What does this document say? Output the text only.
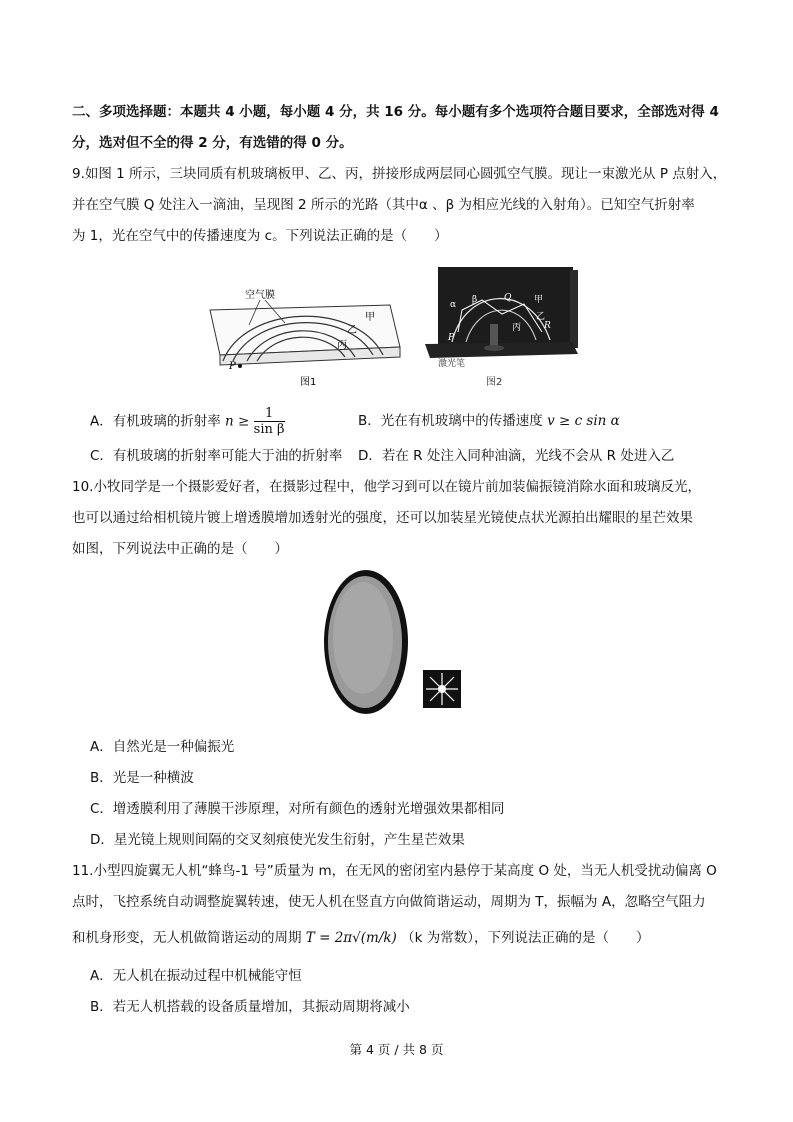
二、多项选择题：本题共 4 小题，每小题 4 分，共 16 分。每小题有多个选项符合题目要求，全部选对得 4
分，选对但不全的得 2 分，有选错的得 0 分。
9.如图 1 所示，三块同质有机玻璃板甲、乙、丙，拼接形成两层同心圆弧空气膜。现让一束激光从 P 点射入，
并在空气膜 Q 处注入一滴油，呈现图 2 所示的光路（其中α 、β 为相应光线的入射角）。已知空气折射率
为 1，光在空气中的传播速度为 c。下列说法正确的是（　　）
空气膜
甲
乙
丙
P
图1
α β	Q	甲
乙
丙	R
P
激光笔
图2
A．有机玻璃的折射率 $n \ge \frac{1}{\text{sin β}}$	B．光在有机玻璃中的传播速度 v ≥ c sin α
C．有机玻璃的折射率可能大于油的折射率 D．若在 R 处注入同种油滴，光线不会从 R 处进入乙
10.小牧同学是一个摄影爱好者，在摄影过程中，他学习到可以在镜片前加装偏振镜消除水面和玻璃反光，
也可以通过给相机镜片镀上增透膜增加透射光的强度，还可以加装星光镜使点状光源拍出耀眼的星芒效果
如图，下列说法中正确的是（　　）
A．自然光是一种偏振光
B．光是一种横波
C．增透膜利用了薄膜干涉原理，对所有颜色的透射光增强效果都相同
D．星光镜上规则间隔的交叉刻痕使光发生衍射，产生星芒效果
11.小型四旋翼无人机“蜂鸟-1 号”质量为 m，在无风的密闭室内悬停于某高度 O 处，当无人机受扰动偏离 O
点时，飞控系统自动调整旋翼转速，使无人机在竖直方向做简谐运动，周期为 T，振幅为 A，忽略空气阻力
和机身形变，无人机做简谐运动的周期 T = 2π√(m/k) （k 为常数），下列说法正确的是（　　）
A．无人机在振动过程中机械能守恒
B．若无人机搭载的设备质量增加，其振动周期将减小
第 4 页 / 共 8 页
